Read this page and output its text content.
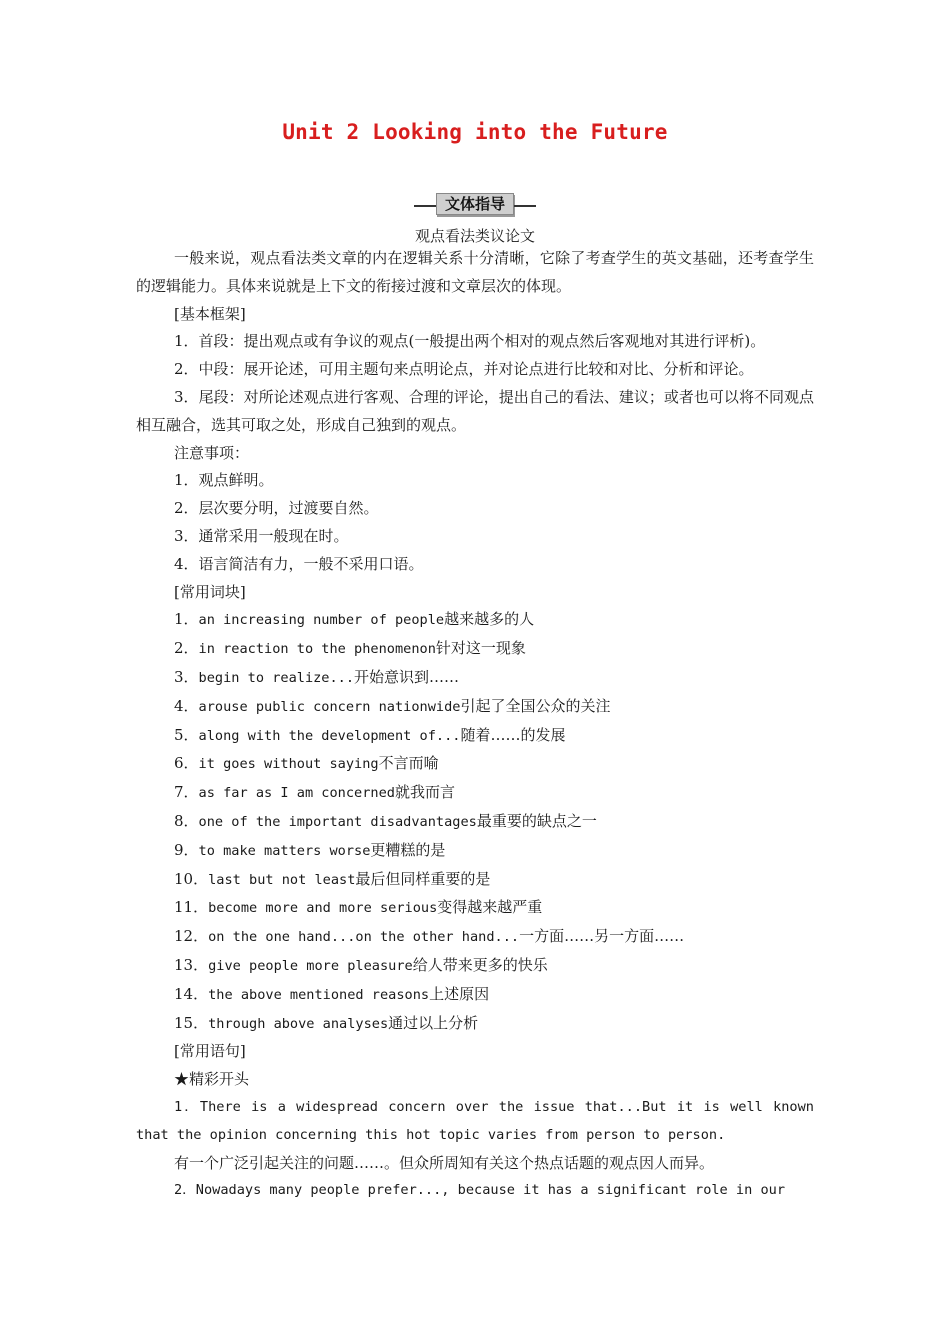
Unit 2 Looking into the Future
文体指导
观点看法类议论文

一般来说，观点看法类文章的内在逻辑关系十分清晰，它除了考查学生的英文基础，还考查学生的逻辑能力。具体来说就是上下文的衔接过渡和文章层次的体现。

[基本框架]

1．首段：提出观点或有争议的观点(一般提出两个相对的观点然后客观地对其进行评析)。

2．中段：展开论述，可用主题句来点明论点，并对论点进行比较和对比、分析和评论。

3．尾段：对所论述观点进行客观、合理的评论，提出自己的看法、建议；或者也可以将不同观点相互融合，选其可取之处，形成自己独到的观点。

注意事项：

1．观点鲜明。

2．层次要分明，过渡要自然。

3．通常采用一般现在时。

4．语言简洁有力，一般不采用口语。

[常用词块]

1．an increasing number of people越来越多的人

2．in reaction to the phenomenon针对这一现象

3．begin to realize...开始意识到……

4．arouse public concern nationwide引起了全国公众的关注

5．along with the development of...随着……的发展

6．it goes without saying不言而喻

7．as far as I am concerned就我而言

8．one of the important disadvantages最重要的缺点之一

9．to make matters worse更糟糕的是

10．last but not least最后但同样重要的是

11．become more and more serious变得越来越严重

12．on the one hand...on the other hand...一方面……另一方面……

13．give people more pleasure给人带来更多的快乐

14．the above mentioned reasons上述原因

15．through above analyses通过以上分析

[常用语句]

★精彩开头

1．There is a widespread concern over the issue that...But it is well known that the opinion concerning this hot topic varies from person to person.

有一个广泛引起关注的问题……。但众所周知有关这个热点话题的观点因人而异。

2．Nowadays many people prefer..., because it has a significant role in our
